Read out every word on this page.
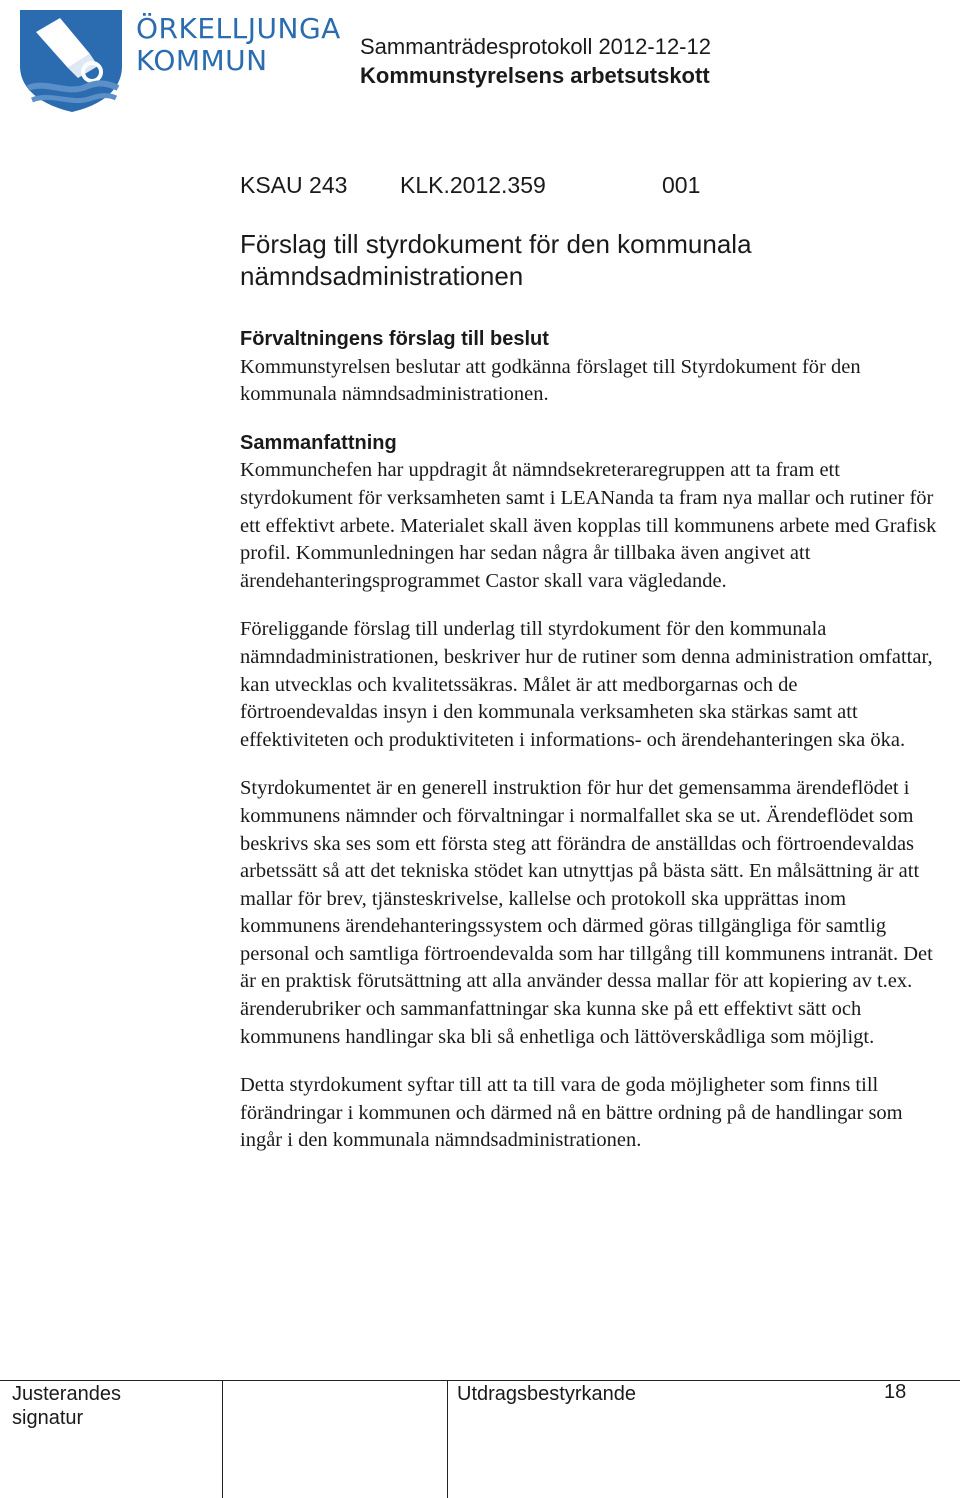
ÖRKELLJUNGA
KOMMUN	Sammanträdesprotokoll 2012-12-12
Kommunstyrelsens arbetsutskott
KSAU 243 KLK.2012.359	001
Förslag till styrdokument för den kommunala nämndsadministrationen
Förvaltningens förslag till beslut

Kommunstyrelsen beslutar att godkänna förslaget till Styrdokument för den kommunala nämndsadministrationen.

Sammanfattning

Kommunchefen har uppdragit åt nämndsekreteraregruppen att ta fram ett styrdokument för verksamheten samt i LEANanda ta fram nya mallar och rutiner för ett effektivt arbete. Materialet skall även kopplas till kommunens arbete med Grafisk profil. Kommunledningen har sedan några år tillbaka även angivet att ärendehanteringsprogrammet Castor skall vara vägledande.

Föreliggande förslag till underlag till styrdokument för den kommunala nämndadministrationen, beskriver hur de rutiner som denna administration omfattar, kan utvecklas och kvalitetssäkras. Målet är att medborgarnas och de förtroendevaldas insyn i den kommunala verksamheten ska stärkas samt att effektiviteten och produktiviteten i informations- och ärendehanteringen ska öka.

Styrdokumentet är en generell instruktion för hur det gemensamma ärendeflödet i kommunens nämnder och förvaltningar i normalfallet ska se ut. Ärendeflödet som beskrivs ska ses som ett första steg att förändra de anställdas och förtroendevaldas arbetssätt så att det tekniska stödet kan utnyttjas på bästa sätt. En målsättning är att mallar för brev, tjänsteskrivelse, kallelse och protokoll ska upprättas inom kommunens ärendehanteringssystem och därmed göras tillgängliga för samtlig personal och samtliga förtroendevalda som har tillgång till kommunens intranät. Det är en praktisk förutsättning att alla använder dessa mallar för att kopiering av t.ex. ärenderubriker och sammanfattningar ska kunna ske på ett effektivt sätt och kommunens handlingar ska bli så enhetliga och lättöverskådliga som möjligt.

Detta styrdokument syftar till att ta till vara de goda möjligheter som finns till förändringar i kommunen och därmed nå en bättre ordning på de handlingar som ingår i den kommunala nämndsadministrationen.

Justerandes
signatur
Utdragsbestyrkande	18
